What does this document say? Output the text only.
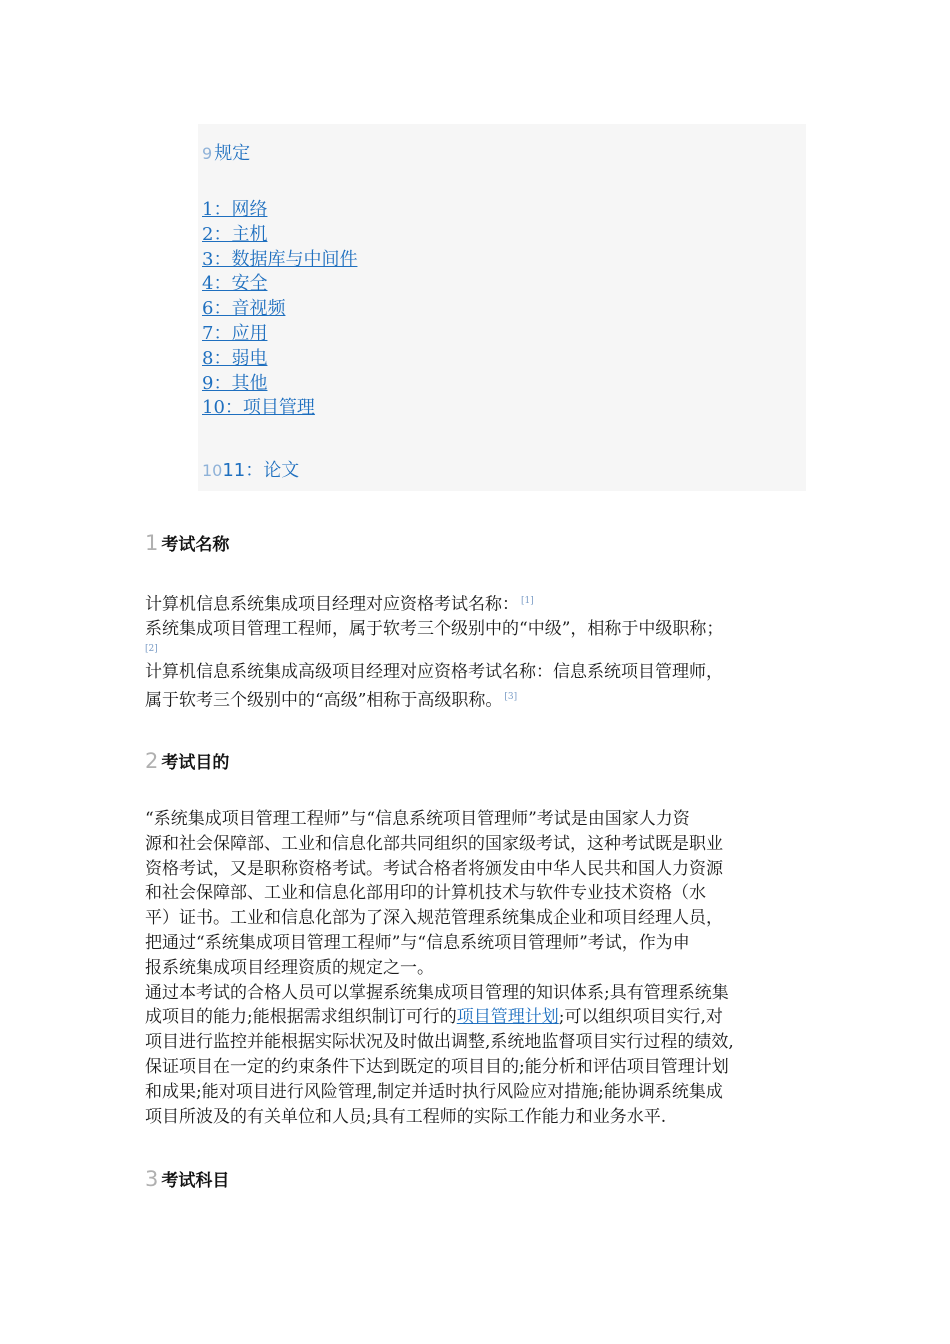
9 规定
1：网络
2：主机
3：数据库与中间件
4：安全
6：音视频
7：应用
8：弱电
9：其他
10：项目管理
1011：论文
1 考试名称
计算机信息系统集成项目经理对应资格考试名称： [1]
系统集成项目管理工程师，属于软考三个级别中的“中级”，相称于中级职称；
[2]
计算机信息系统集成高级项目经理对应资格考试名称：信息系统项目管理师，
属于软考三个级别中的“高级”相称于高级职称。 [3]
2 考试目的
“系统集成项目管理工程师”与“信息系统项目管理师”考试是由国家人力资
源和社会保障部、工业和信息化部共同组织的国家级考试，这种考试既是职业
资格考试，又是职称资格考试。考试合格者将颁发由中华人民共和国人力资源
和社会保障部、工业和信息化部用印的计算机技术与软件专业技术资格（水
平）证书。工业和信息化部为了深入规范管理系统集成企业和项目经理人员，
把通过“系统集成项目管理工程师”与“信息系统项目管理师”考试，作为申
报系统集成项目经理资质的规定之一。
通过本考试的合格人员可以掌握系统集成项目管理的知识体系;具有管理系统集
成项目的能力;能根据需求组织制订可行的项目管理计划;可以组织项目实行,对
项目进行监控并能根据实际状况及时做出调整,系统地监督项目实行过程的绩效,
保证项目在一定的约束条件下达到既定的项目目的;能分析和评估项目管理计划
和成果;能对项目进行风险管理,制定并适时执行风险应对措施;能协调系统集成
项目所波及的有关单位和人员;具有工程师的实际工作能力和业务水平.
3 考试科目
